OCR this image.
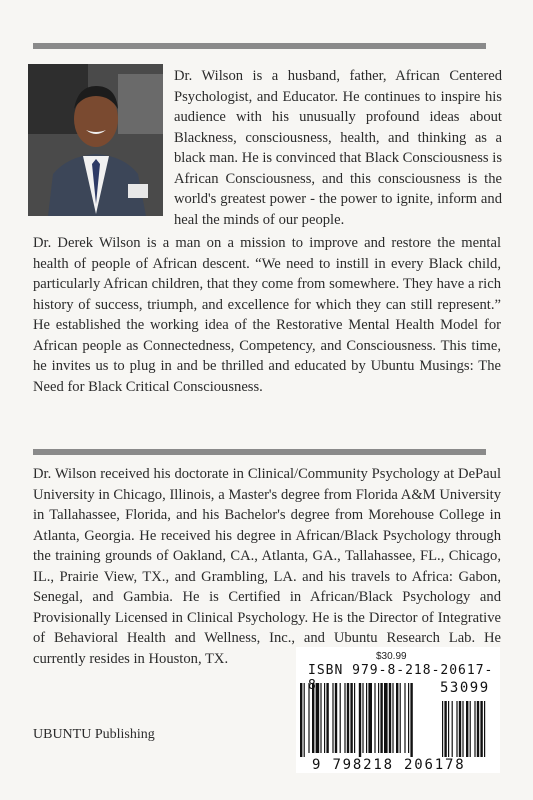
Dr. Wilson is a husband, father, African Centered Psychologist, and Educator. He continues to inspire his audience with his unusually profound ideas about Blackness, consciousness, health, and thinking as a black man. He is convinced that Black Consciousness is African Consciousness, and this consciousness is the world's greatest power - the power to ignite, inform and heal the minds of our people.

Dr. Derek Wilson is a man on a mission to improve and restore the mental health of people of African descent. “We need to instill in every Black child, particularly African children, that they come from somewhere. They have a rich history of success, triumph, and excellence for which they can still represent.” He established the working idea of the Restorative Mental Health Model for African people as Connectedness, Competency, and Consciousness. This time, he invites us to plug in and be thrilled and educated by Ubuntu Musings: The Need for Black Critical Consciousness.

Dr. Wilson received his doctorate in Clinical/Community Psychology at DePaul University in Chicago, Illinois, a Master's degree from Florida A&M University in Tallahassee, Florida, and his Bachelor's degree from Morehouse College in Atlanta, Georgia. He received his degree in African/Black Psychology through the training grounds of Oakland, CA., Atlanta, GA., Tallahassee, FL., Chicago, IL., Prairie View, TX., and Grambling, LA. and his travels to Africa: Gabon, Senegal, and Gambia. He is Certified in African/Black Psychology and Provisionally Licensed in Clinical Psychology. He is the Director of Integrative of Behavioral Health and Wellness, Inc., and Ubuntu Research Lab. He currently resides in Houston, TX.	$30.99
ISBN 979-8-218-20617-
53099
9 798218 206178
UBUNTU Publishing
